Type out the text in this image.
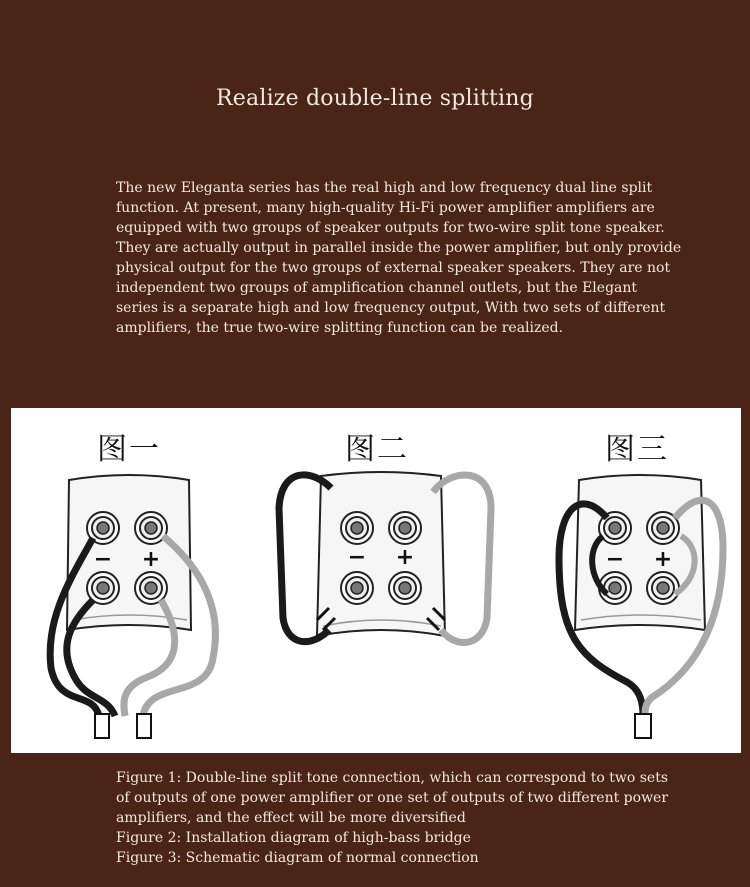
Realize double-line splitting
The new Eleganta series has the real high and low frequency dual line split
function. At present, many high-quality Hi-Fi power amplifier amplifiers are
equipped with two groups of speaker outputs for two-wire split tone speaker.
They are actually output in parallel inside the power amplifier, but only provide
physical output for the two groups of external speaker speakers. They are not
independent two groups of amplification channel outlets, but the Elegant
series is a separate high and low frequency output, With two sets of different
amplifiers, the true two-wire splitting function can be realized.
图一	图二	图三
− +	− +	− +
Figure 1: Double-line split tone connection, which can correspond to two sets
of outputs of one power amplifier or one set of outputs of two different power
amplifiers, and the effect will be more diversified
Figure 2: Installation diagram of high-bass bridge
Figure 3: Schematic diagram of normal connection
